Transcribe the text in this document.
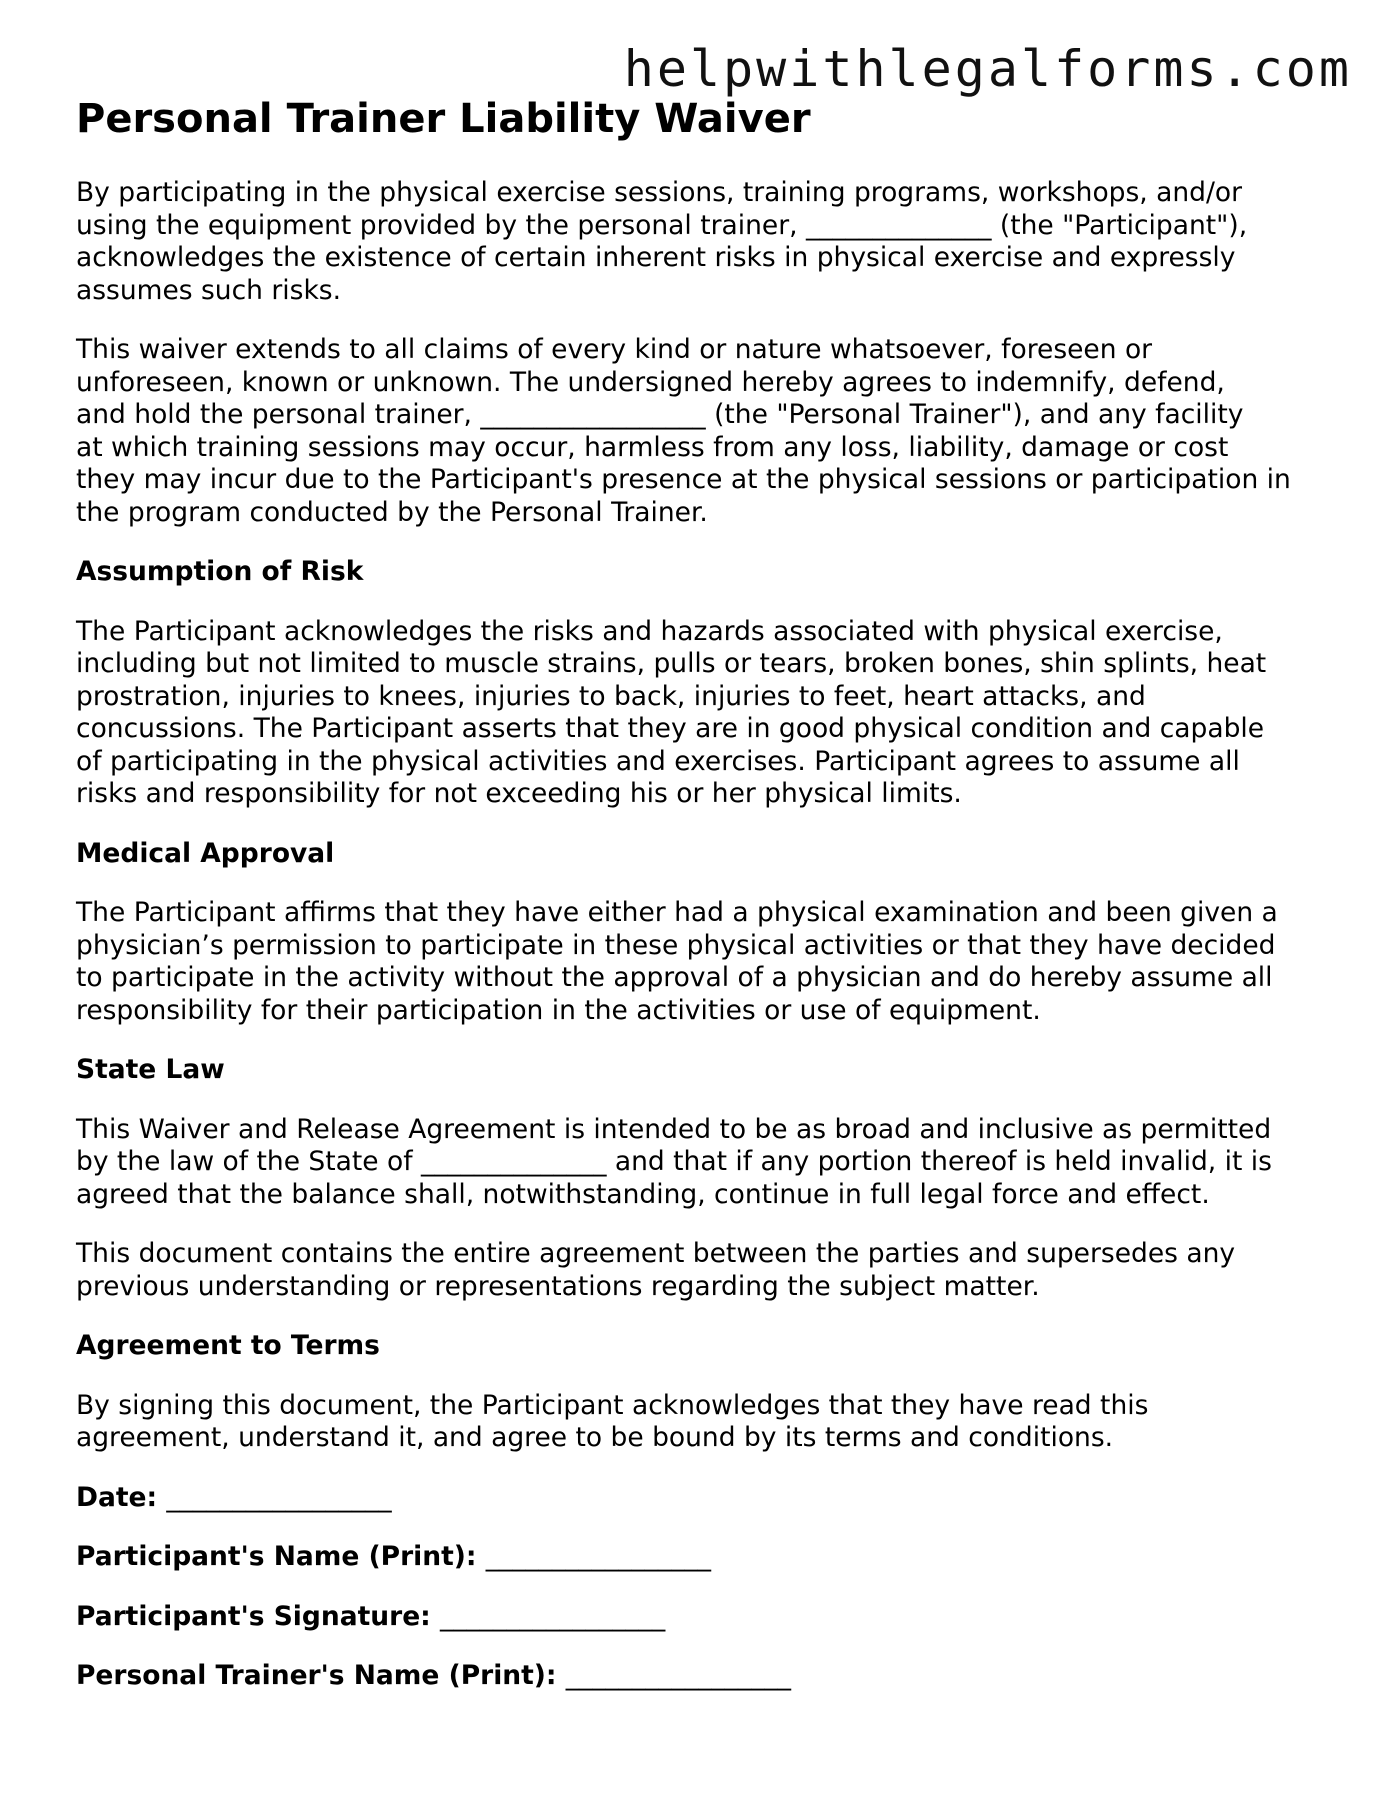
helpwithlegalforms.com
Personal Trainer Liability Waiver

By participating in the physical exercise sessions, training programs, workshops, and/or
using the equipment provided by the personal trainer, ______________ (the "Participant"),
acknowledges the existence of certain inherent risks in physical exercise and expressly
assumes such risks.

This waiver extends to all claims of every kind or nature whatsoever, foreseen or
unforeseen, known or unknown. The undersigned hereby agrees to indemnify, defend,
and hold the personal trainer, _________________ (the "Personal Trainer"), and any facility
at which training sessions may occur, harmless from any loss, liability, damage or cost
they may incur due to the Participant's presence at the physical sessions or participation in
the program conducted by the Personal Trainer.

Assumption of Risk

The Participant acknowledges the risks and hazards associated with physical exercise,
including but not limited to muscle strains, pulls or tears, broken bones, shin splints, heat
prostration, injuries to knees, injuries to back, injuries to feet, heart attacks, and
concussions. The Participant asserts that they are in good physical condition and capable
of participating in the physical activities and exercises. Participant agrees to assume all
risks and responsibility for not exceeding his or her physical limits.

Medical Approval

The Participant affirms that they have either had a physical examination and been given a
physician’s permission to participate in these physical activities or that they have decided
to participate in the activity without the approval of a physician and do hereby assume all
responsibility for their participation in the activities or use of equipment.

State Law

This Waiver and Release Agreement is intended to be as broad and inclusive as permitted
by the law of the State of ______________ and that if any portion thereof is held invalid, it is
agreed that the balance shall, notwithstanding, continue in full legal force and effect.

This document contains the entire agreement between the parties and supersedes any
previous understanding or representations regarding the subject matter.

Agreement to Terms

By signing this document, the Participant acknowledges that they have read this
agreement, understand it, and agree to be bound by its terms and conditions.

Date: _________________
Participant's Name (Print): _________________
Participant's Signature: _________________
Personal Trainer's Name (Print): _________________
